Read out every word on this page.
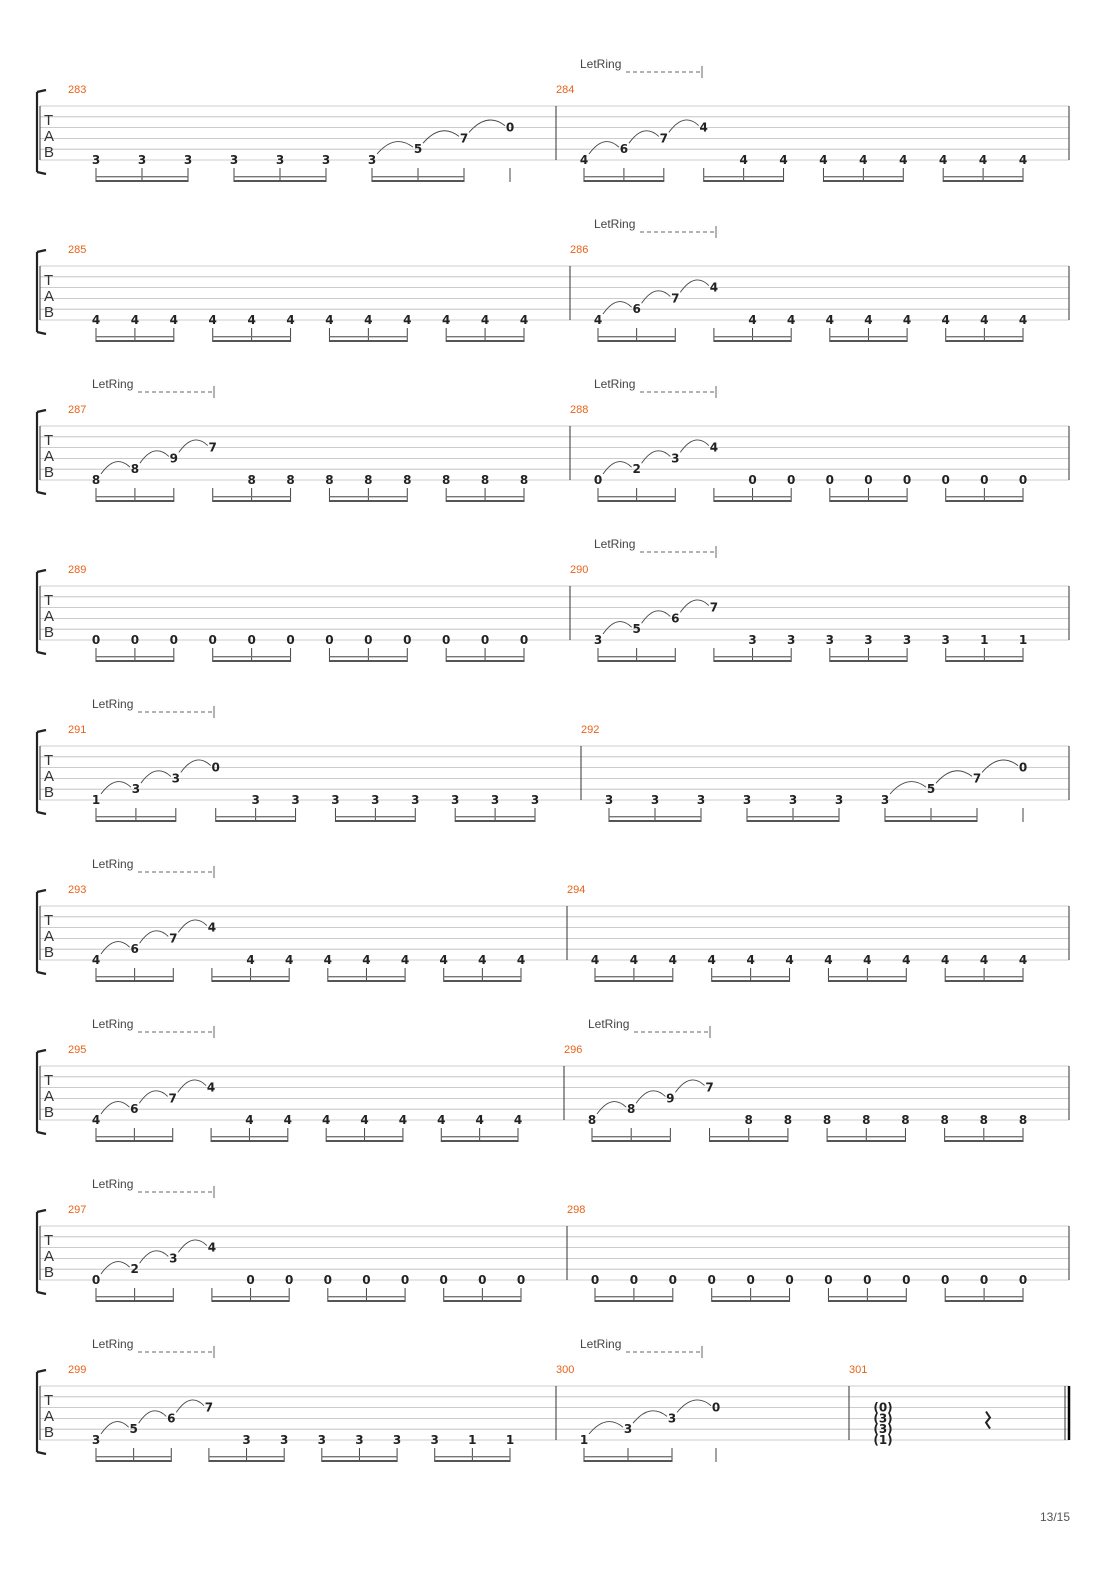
T
A
B
283
3	3	3	3	3	3	3
5
7
0
284
LetRing
4
6
7
4
4	4	4	4	4	4	4	4
T
A
B
285
4	4	4	4	4	4	4	4	4	4	4	4
286
LetRing
4
6
7
4
4	4	4	4	4	4	4	4
T
A
B
287
LetRing
8
8
9
7
8	8	8	8	8	8	8	8
288
LetRing
0
2
3
4
0	0	0	0	0	0	0	0
T
A
B
289
0	0	0	0	0	0	0	0	0	0	0	0
290
LetRing
3
5
6
7
3	3	3	3	3	3	1	1
T
A
B
291
LetRing
1
3
3
0
3	3	3	3	3	3	3	3
292
3	3	3	3	3	3	3
5
7
0
T
A
B
293
LetRing
4
6
7
4
4	4	4	4	4	4	4	4
294
4	4	4	4	4	4	4	4	4	4	4	4
T
A
B
295
LetRing
4
6
7
4
4	4	4	4	4	4	4	4
296
LetRing
8
8
9
7
8	8	8	8	8	8	8	8
T
A
B
297
LetRing
0
2
3
4
0	0	0	0	0	0	0	0
298
0	0	0	0	0	0	0	0	0	0	0	0
T
A
B
299
LetRing
3
5
6
7
3 3 3 3 3 3 1 1
300
LetRing
1
3
3
0
301
(0)
(3)
(3)
(1)
13/15
